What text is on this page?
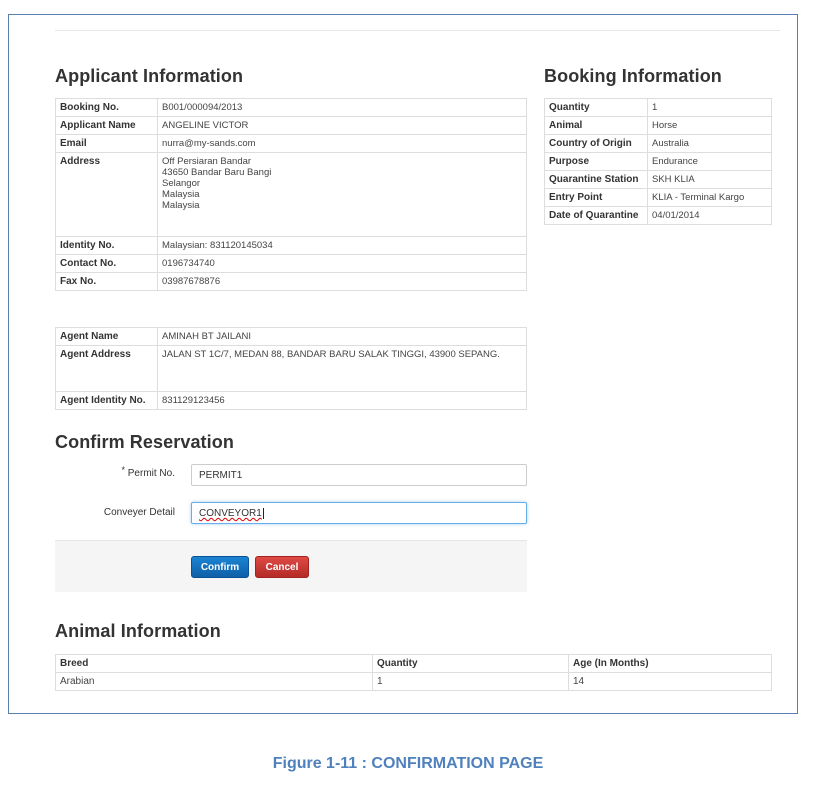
Applicant Information
Booking No.	B001/000094/2013
Applicant Name	ANGELINE VICTOR
Email	nurra@my-sands.com
Address	Off Persiaran Bandar
43650 Bandar Baru Bangi
Selangor
Malaysia
Malaysia
Identity No.	Malaysian: 831120145034
Contact No.	0196734740
Fax No.	03987678876
Agent Name	AMINAH BT JAILANI
Agent Address	JALAN ST 1C/7, MEDAN 88, BANDAR BARU SALAK TINGGI, 43900 SEPANG.
Agent Identity No.	831129123456
Booking Information
Quantity	1
Animal	Horse
Country of Origin	Australia
Purpose	Endurance
Quarantine Station	SKH KLIA
Entry Point	KLIA - Terminal Kargo
Date of Quarantine	04/01/2014
Confirm Reservation
* Permit No.	PERMIT1
Conveyer Detail	CONVEYOR1
Confirm	Cancel
Animal Information
Breed	Quantity	Age (In Months)
Arabian	1	14
Figure 1-11 : CONFIRMATION PAGE
